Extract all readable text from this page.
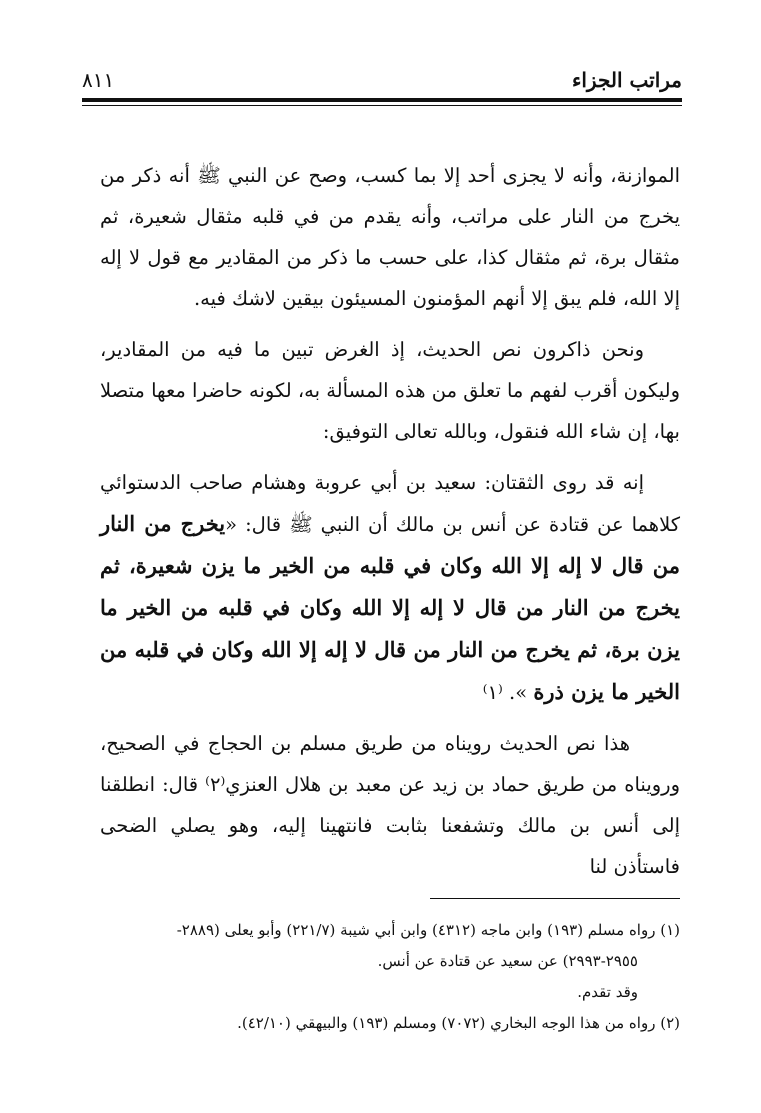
مراتب الجزاء
٨١١

الموازنة، وأنه لا يجزى أحد إلا بما كسب، وصح عن النبي ﷺ أنه ذكر من يخرج من النار على مراتب، وأنه يقدم من في قلبه مثقال شعيرة، ثم مثقال برة، ثم مثقال كذا، على حسب ما ذكر من المقادير مع قول لا إله إلا الله، فلم يبق إلا أنهم المؤمنون المسيئون بيقين لاشك فيه.

ونحن ذاكرون نص الحديث، إذ الغرض تبين ما فيه من المقادير، وليكون أقرب لفهم ما تعلق من هذه المسألة به، لكونه حاضرا معها متصلا بها، إن شاء الله فنقول، وبالله تعالى التوفيق:

إنه قد روى الثقتان: سعيد بن أبي عروبة وهشام صاحب الدستوائي كلاهما عن قتادة عن أنس بن مالك أن النبي ﷺ قال: «يخرج من النار من قال لا إله إلا الله وكان في قلبه من الخير ما يزن شعيرة، ثم يخرج من النار من قال لا إله إلا الله وكان في قلبه من الخير ما يزن برة، ثم يخرج من النار من قال لا إله إلا الله وكان في قلبه من الخير ما يزن ذرة ». ⁽١⁾

هذا نص الحديث رويناه من طريق مسلم بن الحجاج في الصحيح، ورويناه من طريق حماد بن زيد عن معبد بن هلال العنزي⁽٢⁾ قال: انطلقنا إلى أنس بن مالك وتشفعنا بثابت فانتهينا إليه، وهو يصلي الضحى فاستأذن لنا

(١) رواه مسلم (١٩٣) وابن ماجه (٤٣١٢) وابن أبي شيبة (٢٢١/٧) وأبو يعلى (٢٨٨٩-

٢٩٥٥-٢٩٩٣) عن سعيد عن قتادة عن أنس.

وقد تقدم.

(٢) رواه من هذا الوجه البخاري (٧٠٧٢) ومسلم (١٩٣) والبيهقي (٤٢/١٠).
